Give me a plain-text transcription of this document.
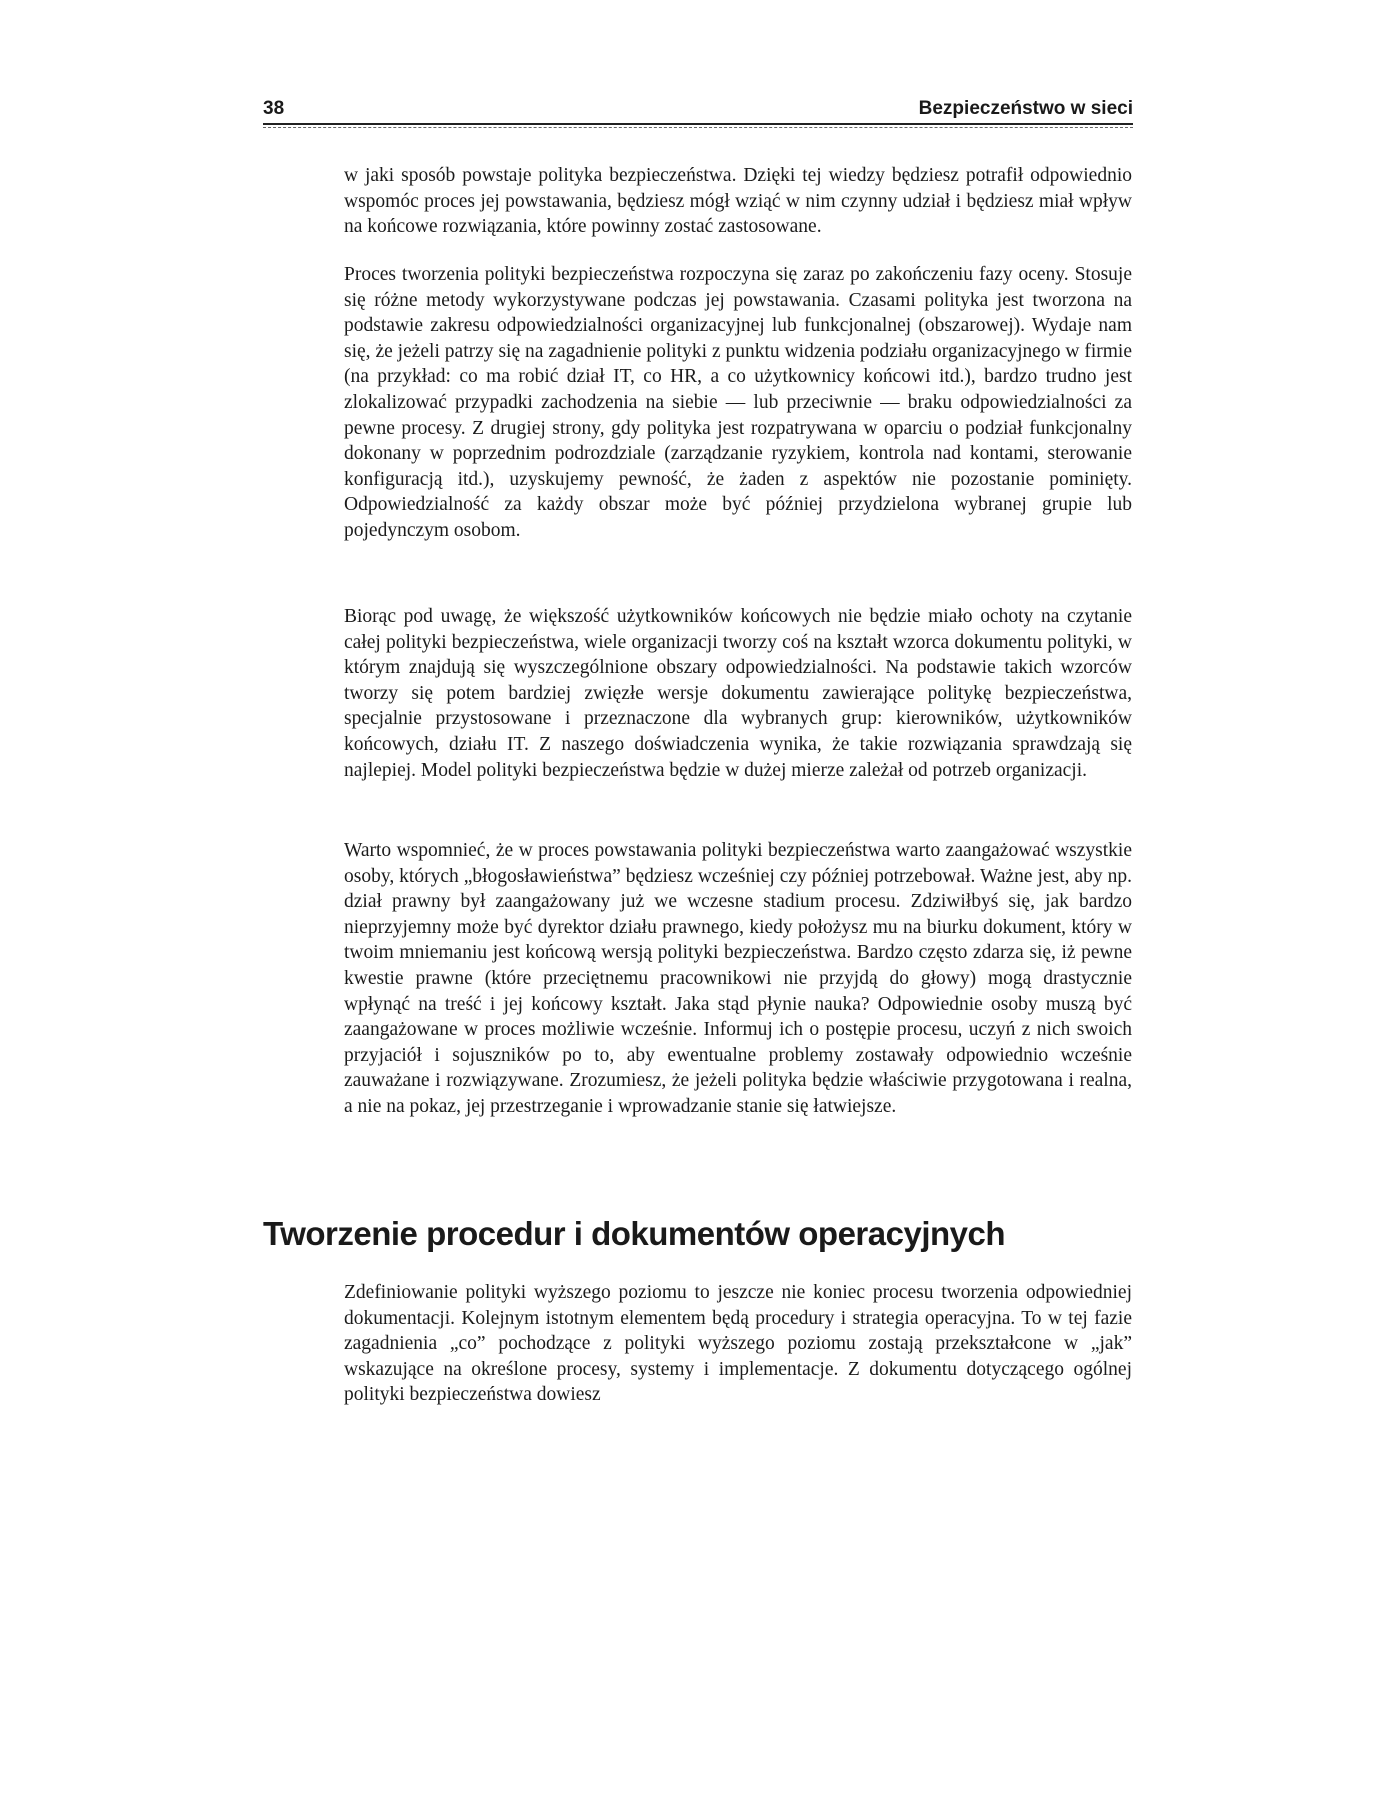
38	Bezpieczeństwo w sieci

w jaki sposób powstaje polityka bezpieczeństwa. Dzięki tej wiedzy będziesz potrafił odpowiednio wspomóc proces jej powstawania, będziesz mógł wziąć w nim czynny udział i będziesz miał wpływ na końcowe rozwiązania, które powinny zostać zastosowane.

Proces tworzenia polityki bezpieczeństwa rozpoczyna się zaraz po zakończeniu fazy oceny. Stosuje się różne metody wykorzystywane podczas jej powstawania. Czasami polityka jest tworzona na podstawie zakresu odpowiedzialności organizacyjnej lub funkcjonalnej (obszarowej). Wydaje nam się, że jeżeli patrzy się na zagadnienie polityki z punktu widzenia podziału organizacyjnego w firmie (na przykład: co ma robić dział IT, co HR, a co użytkownicy końcowi itd.), bardzo trudno jest zlokalizować przypadki zachodzenia na siebie — lub przeciwnie — braku odpowiedzialności za pewne procesy. Z drugiej strony, gdy polityka jest rozpatrywana w oparciu o podział funkcjonalny dokonany w poprzednim podrozdziale (zarządzanie ryzykiem, kontrola nad kontami, sterowanie konfiguracją itd.), uzyskujemy pewność, że żaden z aspektów nie pozostanie pominięty. Odpowiedzialność za każdy obszar może być później przydzielona wybranej grupie lub pojedynczym osobom.

Biorąc pod uwagę, że większość użytkowników końcowych nie będzie miało ochoty na czytanie całej polityki bezpieczeństwa, wiele organizacji tworzy coś na kształt wzorca dokumentu polityki, w którym znajdują się wyszczególnione obszary odpowiedzialności. Na podstawie takich wzorców tworzy się potem bardziej zwięzłe wersje dokumentu zawierające politykę bezpieczeństwa, specjalnie przystosowane i przeznaczone dla wybranych grup: kierowników, użytkowników końcowych, działu IT. Z naszego doświadczenia wynika, że takie rozwiązania sprawdzają się najlepiej. Model polityki bezpieczeństwa będzie w dużej mierze zależał od potrzeb organizacji.

Warto wspomnieć, że w proces powstawania polityki bezpieczeństwa warto zaangażować wszystkie osoby, których „błogosławieństwa” będziesz wcześniej czy później potrzebował. Ważne jest, aby np. dział prawny był zaangażowany już we wczesne stadium procesu. Zdziwiłbyś się, jak bardzo nieprzyjemny może być dyrektor działu prawnego, kiedy położysz mu na biurku dokument, który w twoim mniemaniu jest końcową wersją polityki bezpieczeństwa. Bardzo często zdarza się, iż pewne kwestie prawne (które przeciętnemu pracownikowi nie przyjdą do głowy) mogą drastycznie wpłynąć na treść i jej końcowy kształt. Jaka stąd płynie nauka? Odpowiednie osoby muszą być zaangażowane w proces możliwie wcześnie. Informuj ich o postępie procesu, uczyń z nich swoich przyjaciół i sojuszników po to, aby ewentualne problemy zostawały odpowiednio wcześnie zauważane i rozwiązywane. Zrozumiesz, że jeżeli polityka będzie właściwie przygotowana i realna, a nie na pokaz, jej przestrzeganie i wprowadzanie stanie się łatwiejsze.

Tworzenie procedur i dokumentów operacyjnych

Zdefiniowanie polityki wyższego poziomu to jeszcze nie koniec procesu tworzenia odpowiedniej dokumentacji. Kolejnym istotnym elementem będą procedury i strategia operacyjna. To w tej fazie zagadnienia „co” pochodzące z polityki wyższego poziomu zostają przekształcone w „jak” wskazujące na określone procesy, systemy i implementacje. Z dokumentu dotyczącego ogólnej polityki bezpieczeństwa dowiesz
